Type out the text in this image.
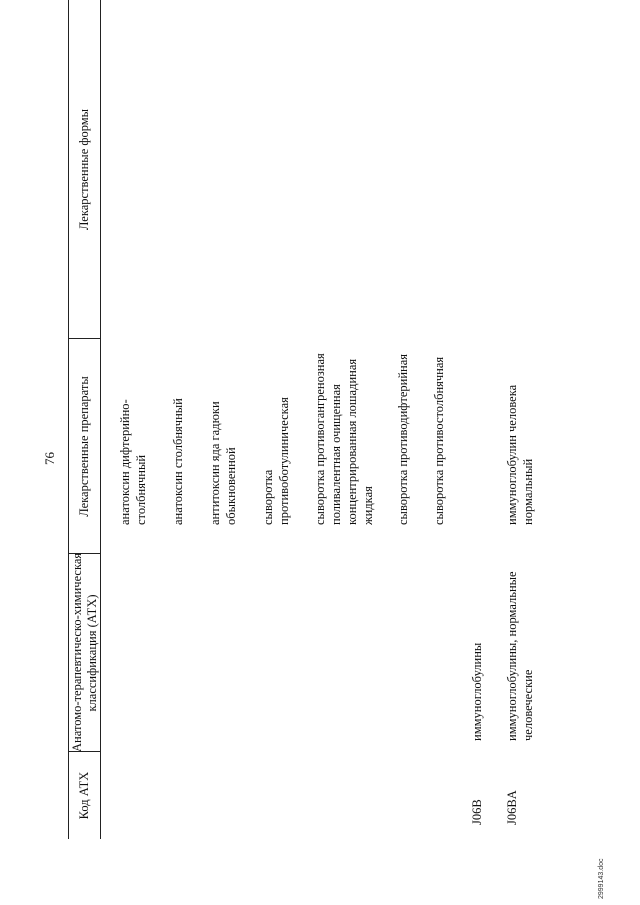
76
Код АТХ
Анатомо-терапевтическо-химическая классификация (АТХ)
Лекарственные препараты
Лекарственные формы
анатоксин дифтерийно- столбнячный анатоксин столбнячный антитоксин яда гадюки обыкновенной сыворотка противоботулиническая сыворотка противогангренозная поливалентная очищенная концентрированная лошадиная жидкая сыворотка противодифтерийная сыворотка противостолбнячная
J06B
иммуноглобулины
J06BA
иммуноглобулины, нормальные человеческие
иммуноглобулин человека нормальный
2999143.doc
